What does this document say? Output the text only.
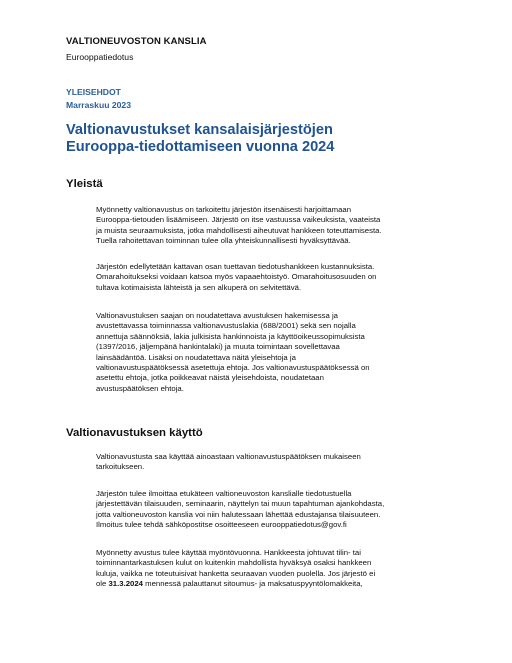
VALTIONEUVOSTON KANSLIA
Eurooppatiedotus
YLEISEHDOT
Marraskuu 2023
Valtionavustukset kansalaisjärjestöjen
Eurooppa-tiedottamiseen vuonna 2024
Yleistä
Myönnetty valtionavustus on tarkoitettu järjestön itsenäisesti harjoittamaan
Eurooppa-tietouden lisäämiseen. Järjestö on itse vastuussa vaikeuksista, vaateista
ja muista seuraamuksista, jotka mahdollisesti aiheutuvat hankkeen toteuttamisesta.
Tuella rahoitettavan toiminnan tulee olla yhteiskunnallisesti hyväksyttävää.
Järjestön edellytetään kattavan osan tuettavan tiedotushankkeen kustannuksista.
Omarahoitukseksi voidaan katsoa myös vapaaehtoistyö. Omarahoitusosuuden on
tultava kotimaisista lähteistä ja sen alkuperä on selvitettävä.
Valtionavustuksen saajan on noudatettava avustuksen hakemisessa ja
avustettavassa toiminnassa valtionavustuslakia (688/2001) sekä sen nojalla
annettuja säännöksiä, lakia julkisista hankinnoista ja käyttöoikeussopimuksista
(1397/2016, jäljempänä hankintalaki) ja muuta toimintaan sovellettavaa
lainsäädäntöä. Lisäksi on noudatettava näitä yleisehtoja ja
valtionavustuspäätöksessä asetettuja ehtoja. Jos valtionavustuspäätöksessä on
asetettu ehtoja, jotka poikkeavat näistä yleisehdoista, noudatetaan
avustuspäätöksen ehtoja.
Valtionavustuksen käyttö
Valtionavustusta saa käyttää ainoastaan valtionavustuspäätöksen mukaiseen
tarkoitukseen.
Järjestön tulee ilmoittaa etukäteen valtioneuvoston kanslialle tiedotustuella
järjestettävän tilaisuuden, seminaarin, näyttelyn tai muun tapahtuman ajankohdasta,
jotta valtioneuvoston kanslia voi niin halutessaan lähettää edustajansa tilaisuuteen.
Ilmoitus tulee tehdä sähköpostitse osoitteeseen eurooppatiedotus@gov.fi
Myönnetty avustus tulee käyttää myöntövuonna. Hankkeesta johtuvat tilin- tai
toiminnantarkastuksen kulut on kuitenkin mahdollista hyväksyä osaksi hankkeen
kuluja, vaikka ne toteutuisivat hanketta seuraavan vuoden puolella. Jos järjestö ei
ole 31.3.2024 mennessä palauttanut sitoumus- ja maksatuspyyntölomakkeita,
